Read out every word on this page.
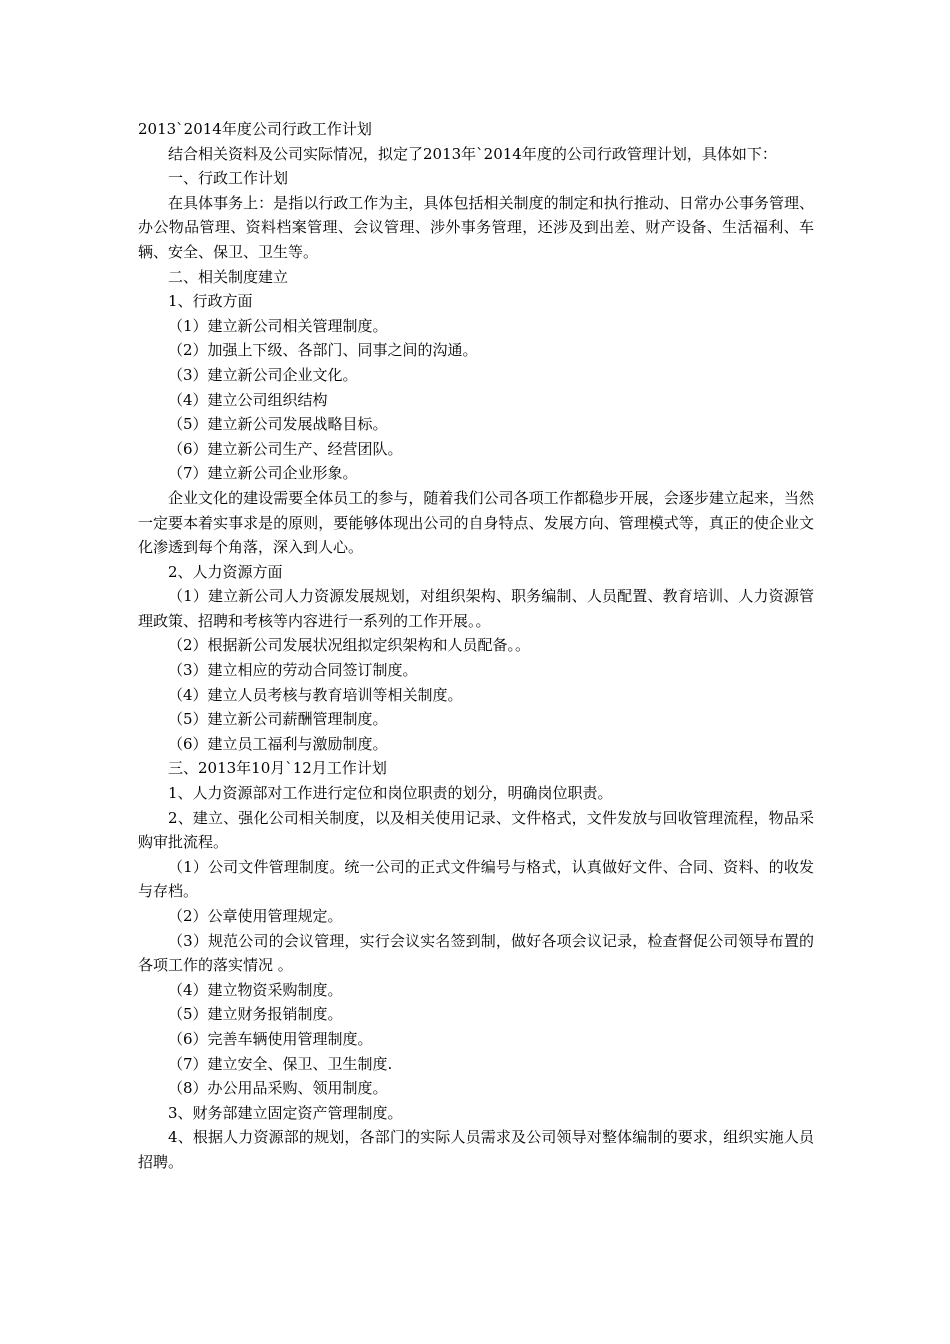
2013`2014年度公司行政工作计划

结合相关资料及公司实际情况，拟定了2013年`2014年度的公司行政管理计划，具体如下：

一、行政工作计划

在具体事务上：是指以行政工作为主，具体包括相关制度的制定和执行推动、日常办公事务管理、办公物品管理、资料档案管理、会议管理、涉外事务管理，还涉及到出差、财产设备、生活福利、车辆、安全、保卫、卫生等。

二、相关制度建立

1、行政方面

（1）建立新公司相关管理制度。

（2）加强上下级、各部门、同事之间的沟通。

（3）建立新公司企业文化。

（4）建立公司组织结构

（5）建立新公司发展战略目标。

（6）建立新公司生产、经营团队。

（7）建立新公司企业形象。

企业文化的建设需要全体员工的参与，随着我们公司各项工作都稳步开展，会逐步建立起来，当然一定要本着实事求是的原则，要能够体现出公司的自身特点、发展方向、管理模式等，真正的使企业文化渗透到每个角落，深入到人心。

2、人力资源方面

（1）建立新公司人力资源发展规划，对组织架构、职务编制、人员配置、教育培训、人力资源管理政策、招聘和考核等内容进行一系列的工作开展。。

（2）根据新公司发展状况组拟定织架构和人员配备。。

（3）建立相应的劳动合同签订制度。

（4）建立人员考核与教育培训等相关制度。

（5）建立新公司薪酬管理制度。

（6）建立员工福利与激励制度。

三、2013年10月`12月工作计划

1、人力资源部对工作进行定位和岗位职责的划分，明确岗位职责。

2、建立、强化公司相关制度，以及相关使用记录、文件格式，文件发放与回收管理流程，物品采购审批流程。

（1）公司文件管理制度。统一公司的正式文件编号与格式，认真做好文件、合同、资料、的收发与存档。

（2）公章使用管理规定。

（3）规范公司的会议管理，实行会议实名签到制，做好各项会议记录，检查督促公司领导布置的各项工作的落实情况 。

（4）建立物资采购制度。

（5）建立财务报销制度。

（6）完善车辆使用管理制度。

（7）建立安全、保卫、卫生制度.

（8）办公用品采购、领用制度。

3、财务部建立固定资产管理制度。

4、根据人力资源部的规划，各部门的实际人员需求及公司领导对整体编制的要求，组织实施人员招聘。
